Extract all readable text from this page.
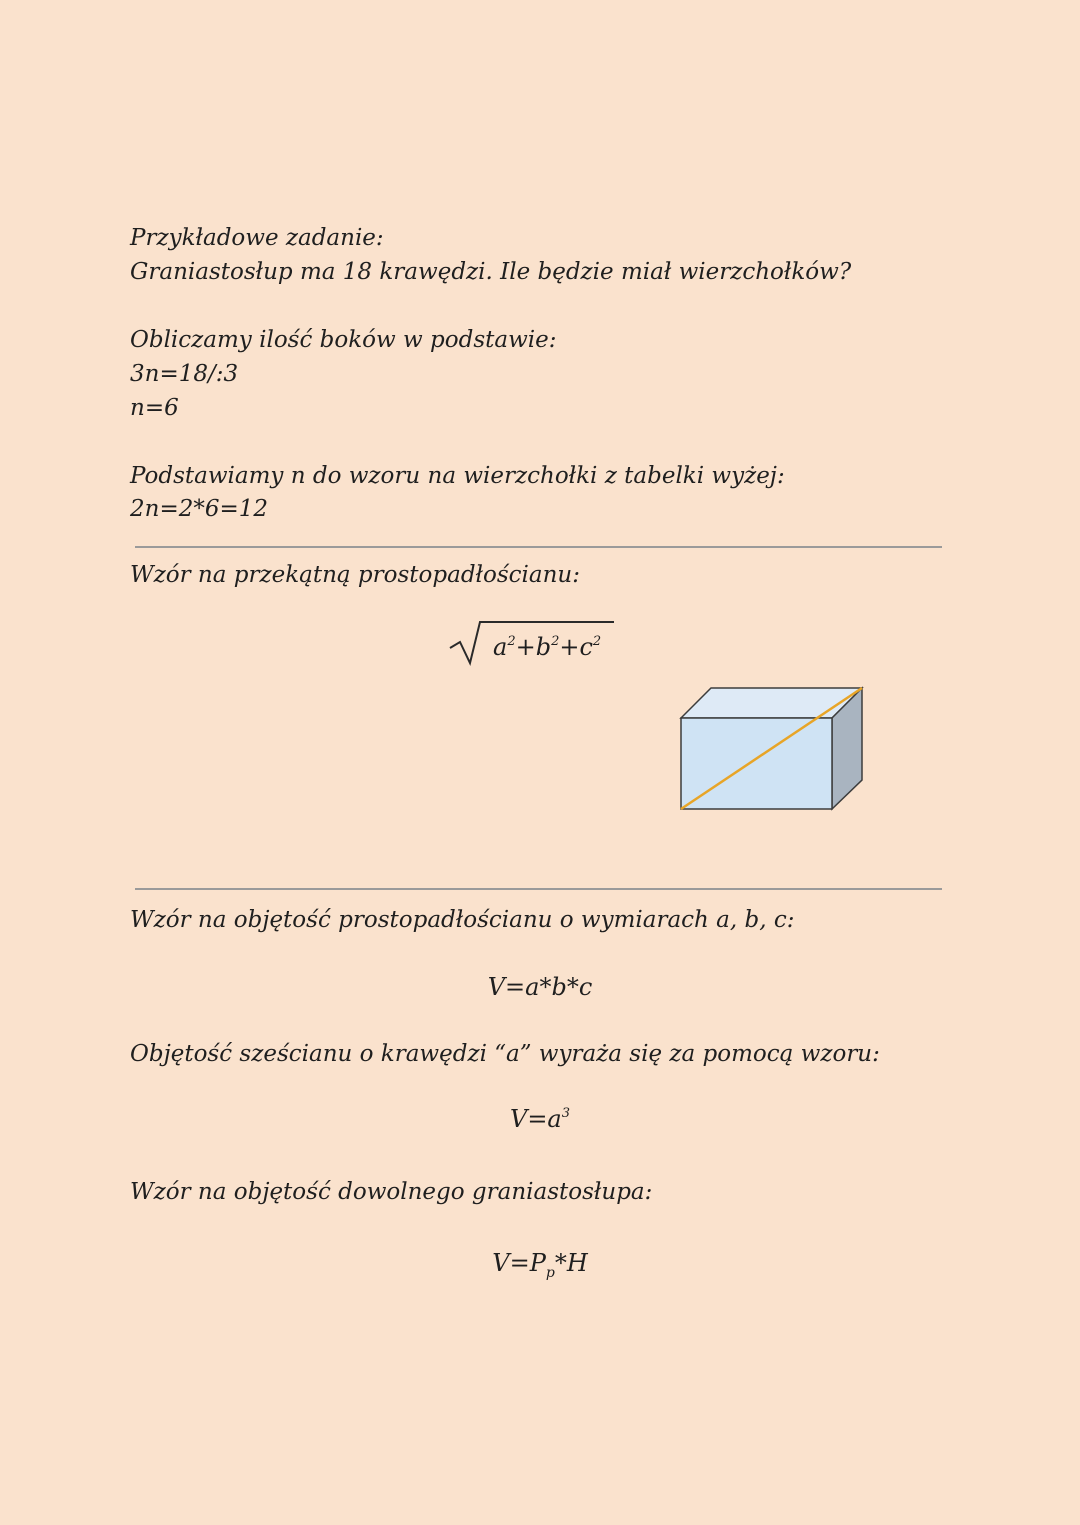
Przykładowe zadanie:
Graniastosłup ma 18 krawędzi. Ile będzie miał wierzchołków?
Obliczamy ilość boków w podstawie:
3n=18/:3
n=6
Podstawiamy n do wzoru na wierzchołki z tabelki wyżej:
2n=2*6=12
Wzór na przekątną prostopadłościanu:
$a^2+b^2+c^2$
Wzór na objętość prostopadłościanu o wymiarach a, b, c:
V=a*b*c
Objętość sześcianu o krawędzi “a” wyraża się za pomocą wzoru:
$V=a^3$
Wzór na objętość dowolnego graniastosłupa:
$V=P_p*H$
